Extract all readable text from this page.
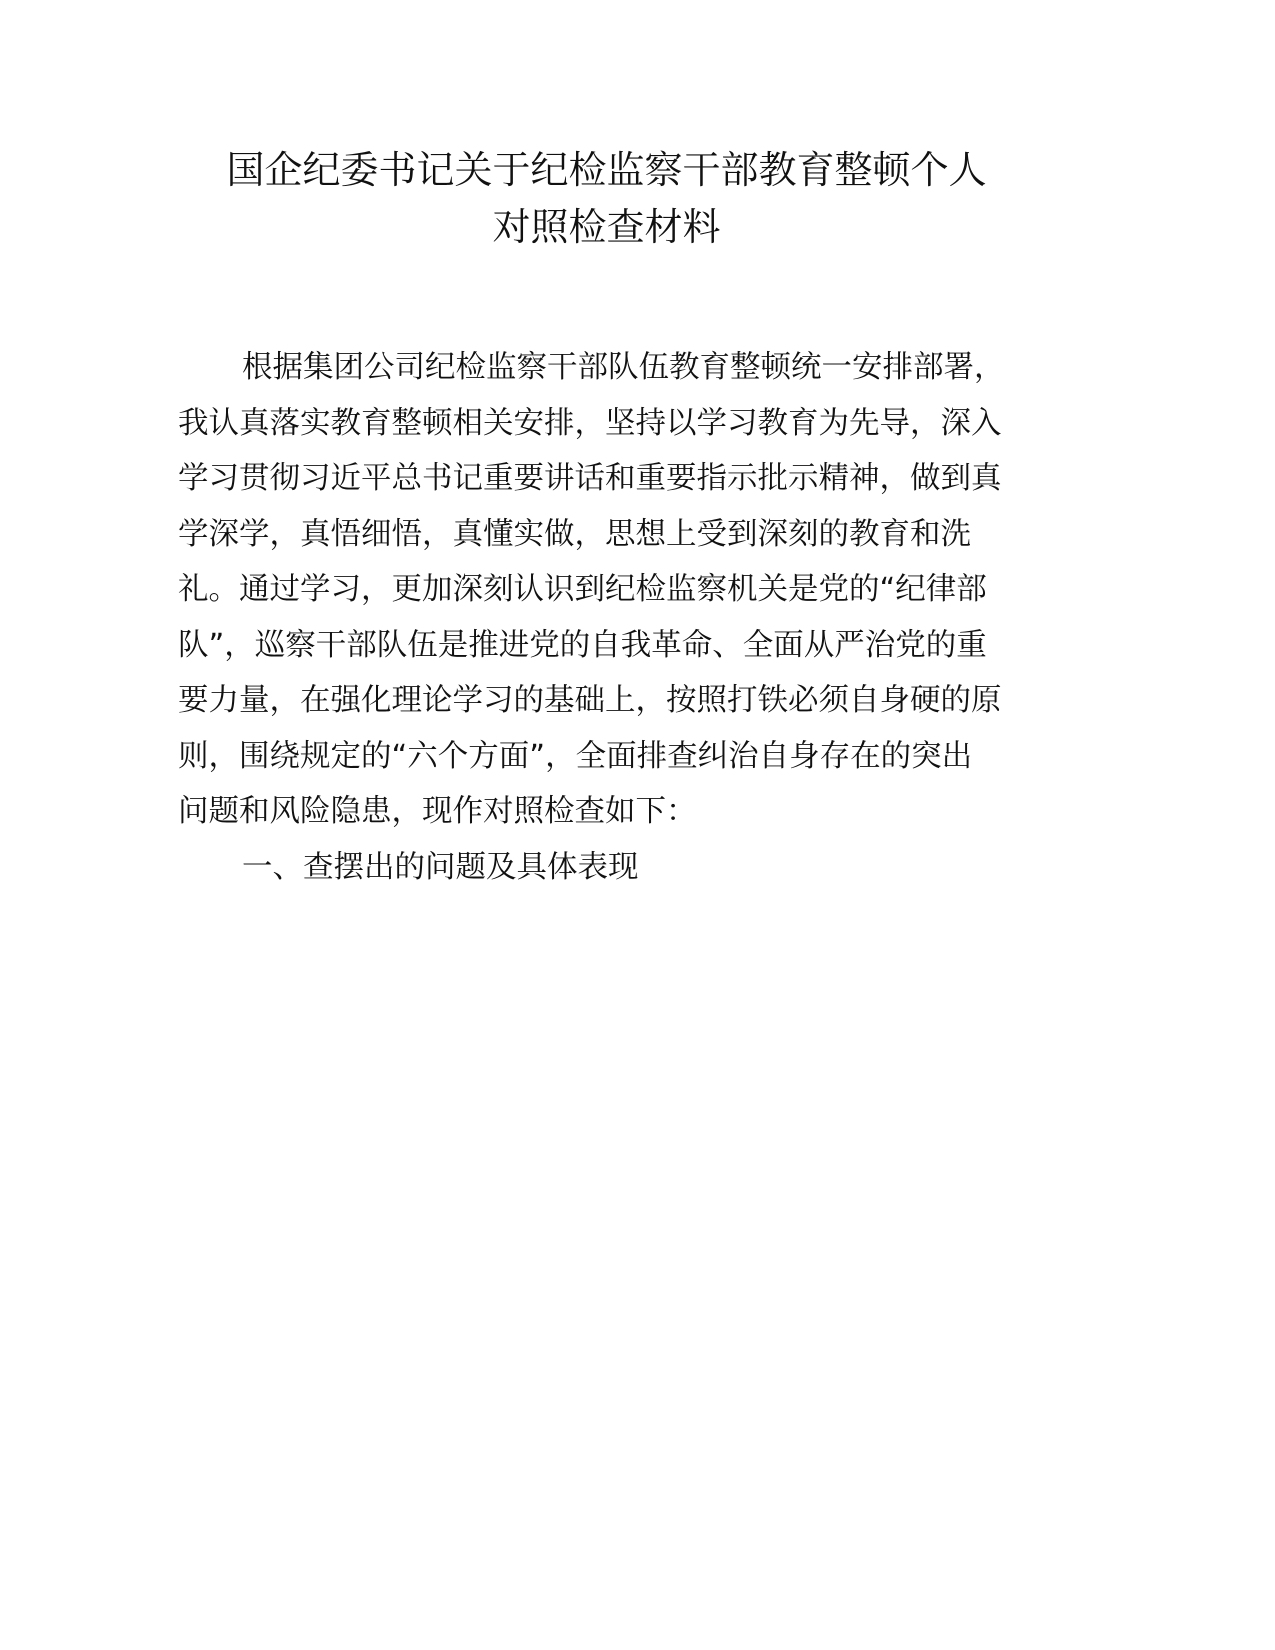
国企纪委书记关于纪检监察干部教育整顿个人
对照检查材料
根据集团公司纪检监察干部队伍教育整顿统一安排部署，
我认真落实教育整顿相关安排，坚持以学习教育为先导，深入
学习贯彻习近平总书记重要讲话和重要指示批示精神，做到真
学深学，真悟细悟，真懂实做，思想上受到深刻的教育和洗
礼。通过学习，更加深刻认识到纪检监察机关是党的“纪律部
队”，巡察干部队伍是推进党的自我革命、全面从严治党的重
要力量，在强化理论学习的基础上，按照打铁必须自身硬的原
则，围绕规定的“六个方面”，全面排查纠治自身存在的突出
问题和风险隐患，现作对照检查如下：
一、查摆出的问题及具体表现
